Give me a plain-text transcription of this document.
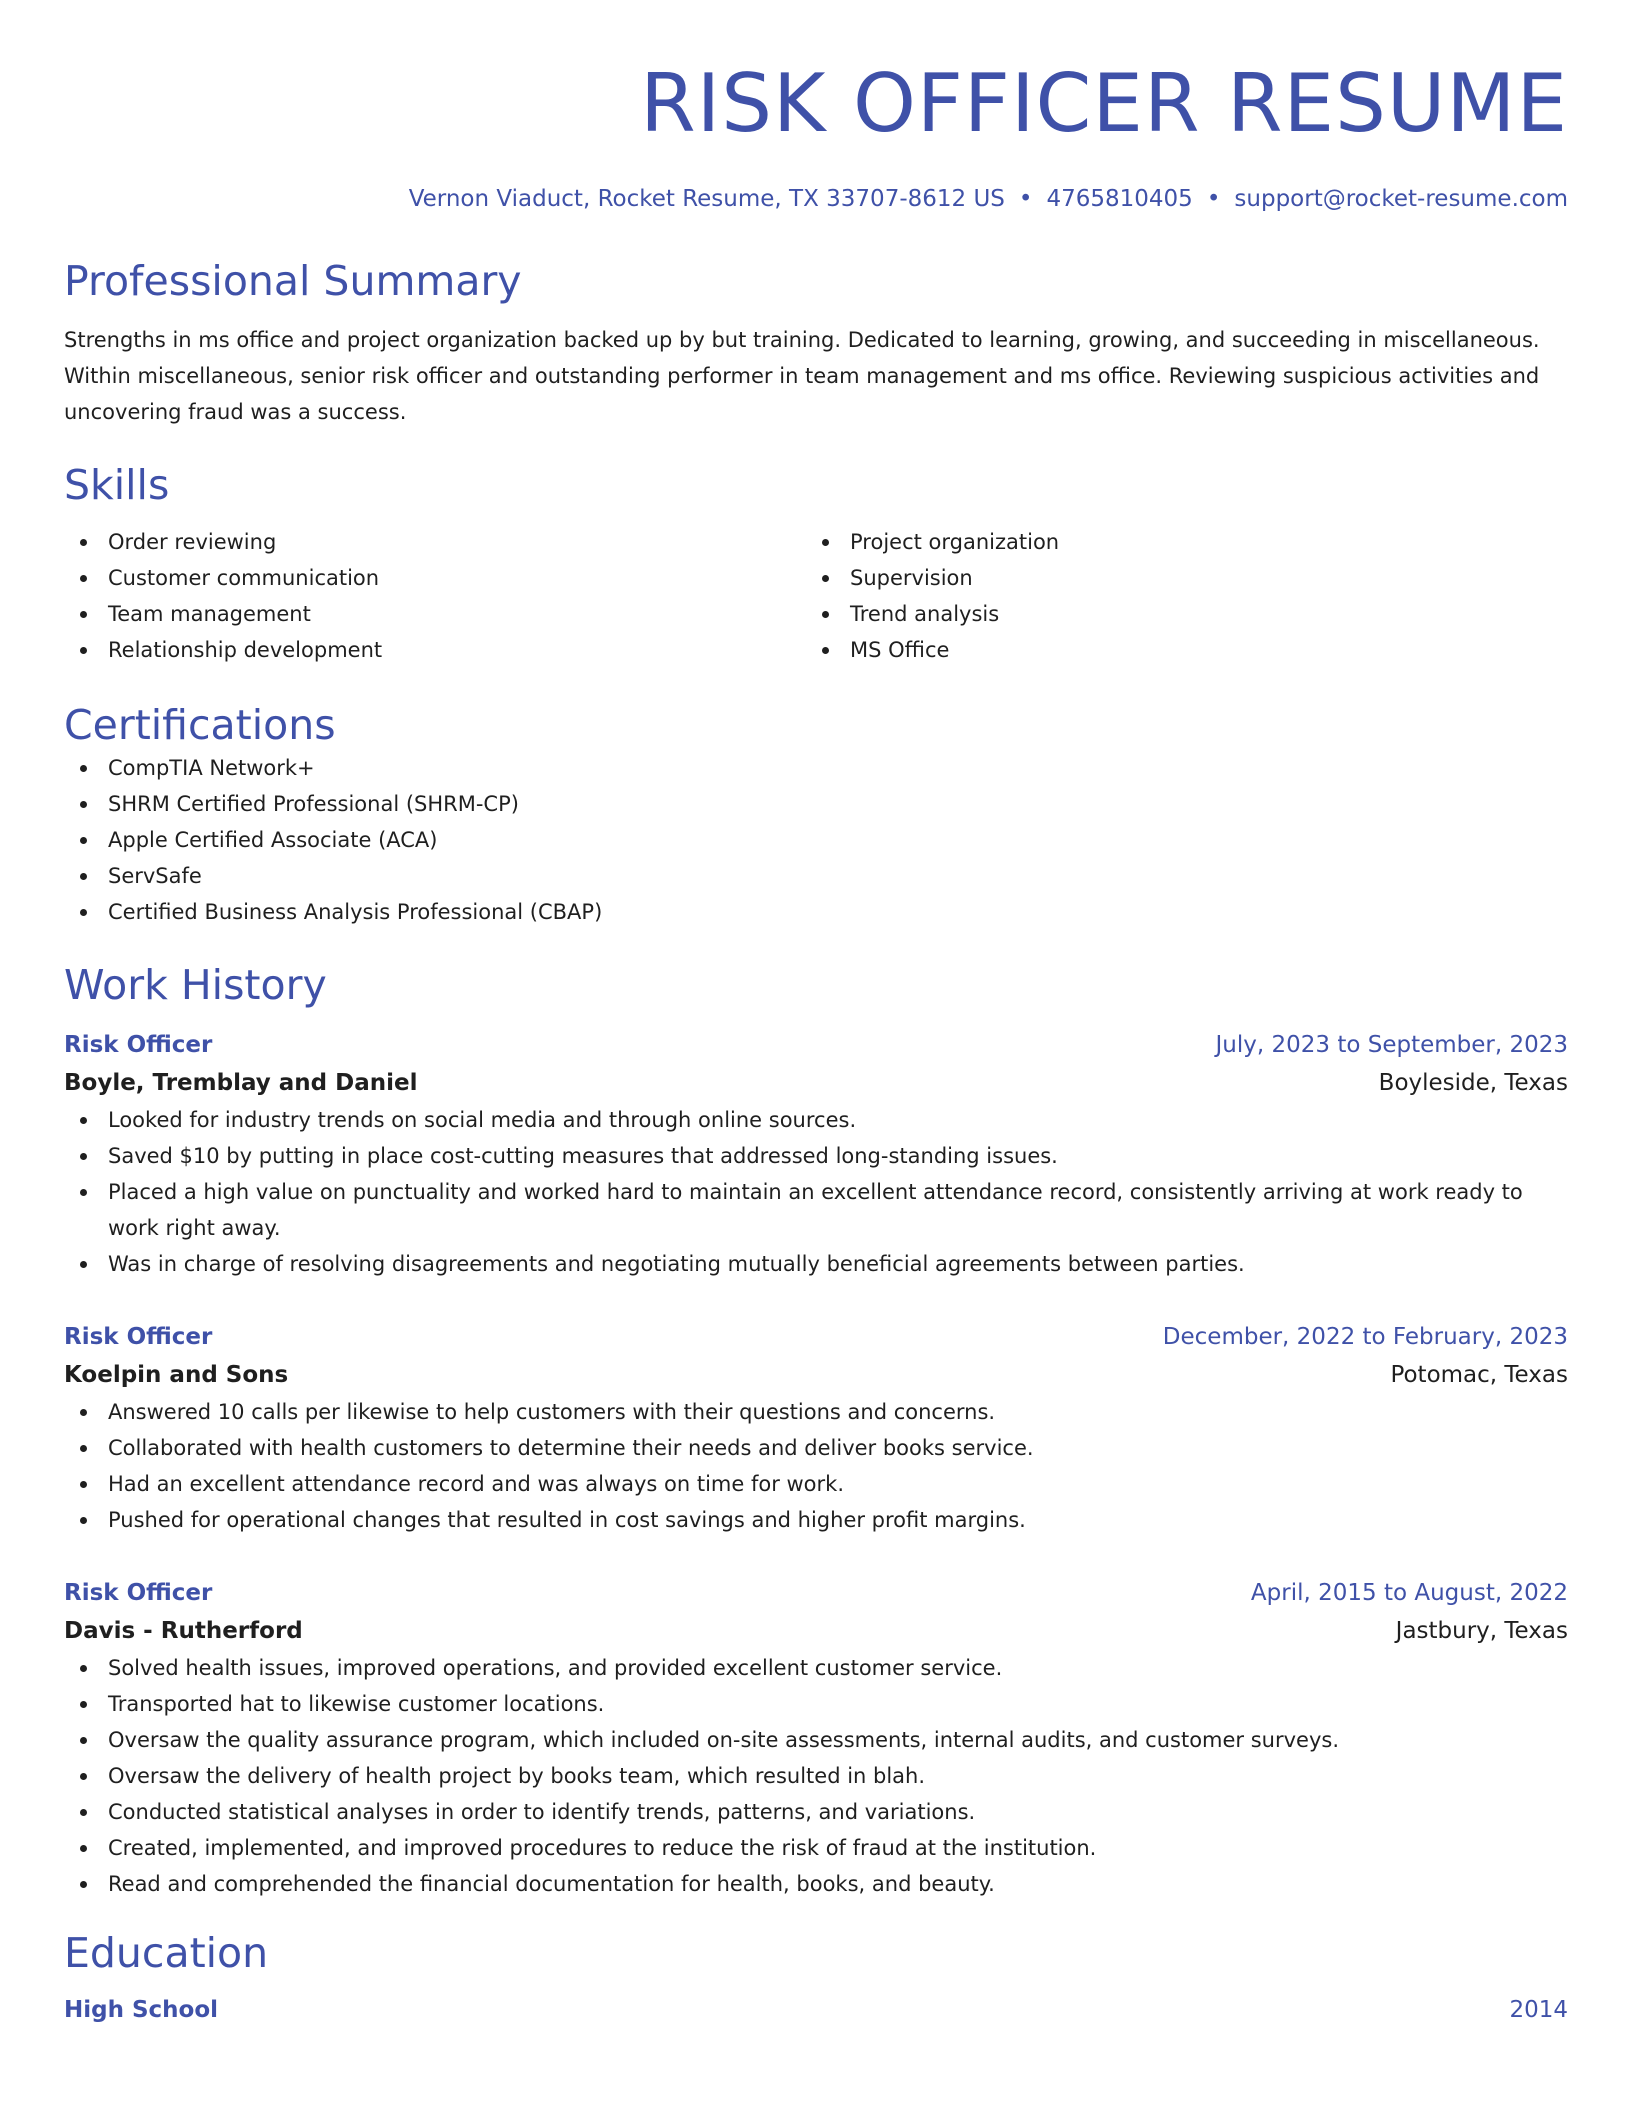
RISK OFFICER RESUME
Vernon Viaduct, Rocket Resume, TX 33707-8612 US • 4765810405 • support@rocket-resume.com
Professional Summary

Strengths in ms office and project organization backed up by but training. Dedicated to learning, growing, and succeeding in miscellaneous. Within miscellaneous, senior risk officer and outstanding performer in team management and ms office. Reviewing suspicious activities and uncovering fraud was a success.

Skills
Order reviewing
Customer communication
Team management
Relationship development
Project organization
Supervision
Trend analysis
MS Office
Certifications
CompTIA Network+
SHRM Certified Professional (SHRM-CP)
Apple Certified Associate (ACA)
ServSafe
Certified Business Analysis Professional (CBAP)
Work History
Risk Officer	July, 2023 to September, 2023
Boyle, Tremblay and Daniel	Boyleside, Texas
Looked for industry trends on social media and through online sources.
Saved $10 by putting in place cost-cutting measures that addressed long-standing issues.
Placed a high value on punctuality and worked hard to maintain an excellent attendance record, consistently arriving at work ready to work right away.
Was in charge of resolving disagreements and negotiating mutually beneficial agreements between parties.
Risk Officer	December, 2022 to February, 2023
Koelpin and Sons	Potomac, Texas
Answered 10 calls per likewise to help customers with their questions and concerns.
Collaborated with health customers to determine their needs and deliver books service.
Had an excellent attendance record and was always on time for work.
Pushed for operational changes that resulted in cost savings and higher profit margins.
Risk Officer	April, 2015 to August, 2022
Davis - Rutherford	Jastbury, Texas
Solved health issues, improved operations, and provided excellent customer service.
Transported hat to likewise customer locations.
Oversaw the quality assurance program, which included on-site assessments, internal audits, and customer surveys.
Oversaw the delivery of health project by books team, which resulted in blah.
Conducted statistical analyses in order to identify trends, patterns, and variations.
Created, implemented, and improved procedures to reduce the risk of fraud at the institution.
Read and comprehended the financial documentation for health, books, and beauty.
Education
High School	2014
